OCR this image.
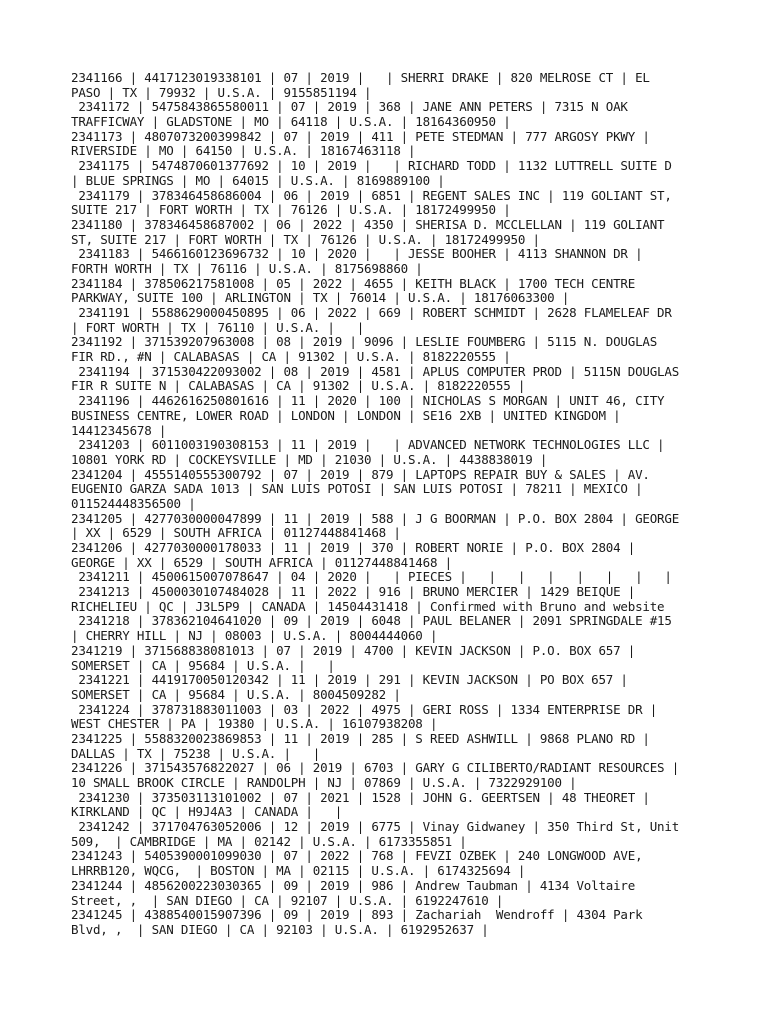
2341166 | 4417123019338101 | 07 | 2019 |   | SHERRI DRAKE | 820 MELROSE CT | EL
PASO | TX | 79932 | U.S.A. | 9155851194 |
2341172 | 5475843865580011 | 07 | 2019 | 368 | JANE ANN PETERS | 7315 N OAK
TRAFFICWAY | GLADSTONE | MO | 64118 | U.S.A. | 18164360950 |
2341173 | 4807073200399842 | 07 | 2019 | 411 | PETE STEDMAN | 777 ARGOSY PKWY |
RIVERSIDE | MO | 64150 | U.S.A. | 18167463118 |
2341175 | 5474870601377692 | 10 | 2019 |   | RICHARD TODD | 1132 LUTTRELL SUITE D
| BLUE SPRINGS | MO | 64015 | U.S.A. | 8169889100 |
2341179 | 378346458686004 | 06 | 2019 | 6851 | REGENT SALES INC | 119 GOLIANT ST,
SUITE 217 | FORT WORTH | TX | 76126 | U.S.A. | 18172499950 |
2341180 | 378346458687002 | 06 | 2022 | 4350 | SHERISA D. MCCLELLAN | 119 GOLIANT
ST, SUITE 217 | FORT WORTH | TX | 76126 | U.S.A. | 18172499950 |
2341183 | 5466160123696732 | 10 | 2020 |   | JESSE BOOHER | 4113 SHANNON DR |
FORTH WORTH | TX | 76116 | U.S.A. | 8175698860 |
2341184 | 378506217581008 | 05 | 2022 | 4655 | KEITH BLACK | 1700 TECH CENTRE
PARKWAY, SUITE 100 | ARLINGTON | TX | 76014 | U.S.A. | 18176063300 |
2341191 | 5588629000450895 | 06 | 2022 | 669 | ROBERT SCHMIDT | 2628 FLAMELEAF DR
| FORT WORTH | TX | 76110 | U.S.A. |   |
2341192 | 371539207963008 | 08 | 2019 | 9096 | LESLIE FOUMBERG | 5115 N. DOUGLAS
FIR RD., #N | CALABASAS | CA | 91302 | U.S.A. | 8182220555 |
2341194 | 371530422093002 | 08 | 2019 | 4581 | APLUS COMPUTER PROD | 5115N DOUGLAS
FIR R SUITE N | CALABASAS | CA | 91302 | U.S.A. | 8182220555 |
2341196 | 4462616250801616 | 11 | 2020 | 100 | NICHOLAS S MORGAN | UNIT 46, CITY
BUSINESS CENTRE, LOWER ROAD | LONDON | LONDON | SE16 2XB | UNITED KINGDOM |
14412345678 |
2341203 | 6011003190308153 | 11 | 2019 |   | ADVANCED NETWORK TECHNOLOGIES LLC |
10801 YORK RD | COCKEYSVILLE | MD | 21030 | U.S.A. | 4438838019 |
2341204 | 4555140555300792 | 07 | 2019 | 879 | LAPTOPS REPAIR BUY & SALES | AV.
EUGENIO GARZA SADA 1013 | SAN LUIS POTOSI | SAN LUIS POTOSI | 78211 | MEXICO |
011524448356500 |
2341205 | 4277030000047899 | 11 | 2019 | 588 | J G BOORMAN | P.O. BOX 2804 | GEORGE
| XX | 6529 | SOUTH AFRICA | 01127448841468 |
2341206 | 4277030000178033 | 11 | 2019 | 370 | ROBERT NORIE | P.O. BOX 2804 |
GEORGE | XX | 6529 | SOUTH AFRICA | 01127448841468 |
2341211 | 4500615007078647 | 04 | 2020 |   | PIECES |   |   |   |   |   |   |   |
2341213 | 4500030107484028 | 11 | 2022 | 916 | BRUNO MERCIER | 1429 BEIQUE |
RICHELIEU | QC | J3L5P9 | CANADA | 14504431418 | Confirmed with Bruno and website
2341218 | 378362104641020 | 09 | 2019 | 6048 | PAUL BELANER | 2091 SPRINGDALE #15
| CHERRY HILL | NJ | 08003 | U.S.A. | 8004444060 |
2341219 | 371568838081013 | 07 | 2019 | 4700 | KEVIN JACKSON | P.O. BOX 657 |
SOMERSET | CA | 95684 | U.S.A. |   |
2341221 | 4419170050120342 | 11 | 2019 | 291 | KEVIN JACKSON | PO BOX 657 |
SOMERSET | CA | 95684 | U.S.A. | 8004509282 |
2341224 | 378731883011003 | 03 | 2022 | 4975 | GERI ROSS | 1334 ENTERPRISE DR |
WEST CHESTER | PA | 19380 | U.S.A. | 16107938208 |
2341225 | 5588320023869853 | 11 | 2019 | 285 | S REED ASHWILL | 9868 PLANO RD |
DALLAS | TX | 75238 | U.S.A. |   |
2341226 | 371543576822027 | 06 | 2019 | 6703 | GARY G CILIBERTO/RADIANT RESOURCES |
10 SMALL BROOK CIRCLE | RANDOLPH | NJ | 07869 | U.S.A. | 7322929100 |
2341230 | 373503113101002 | 07 | 2021 | 1528 | JOHN G. GEERTSEN | 48 THEORET |
KIRKLAND | QC | H9J4A3 | CANADA |   |
2341242 | 371704763052006 | 12 | 2019 | 6775 | Vinay Gidwaney | 350 Third St, Unit
509,  | CAMBRIDGE | MA | 02142 | U.S.A. | 6173355851 |
2341243 | 5405390001099030 | 07 | 2022 | 768 | FEVZI OZBEK | 240 LONGWOOD AVE,
LHRRB120, WQCG,  | BOSTON | MA | 02115 | U.S.A. | 6174325694 |
2341244 | 4856200223030365 | 09 | 2019 | 986 | Andrew Taubman | 4134 Voltaire
Street, ,  | SAN DIEGO | CA | 92107 | U.S.A. | 6192247610 |
2341245 | 4388540015907396 | 09 | 2019 | 893 | Zachariah  Wendroff | 4304 Park
Blvd, ,  | SAN DIEGO | CA | 92103 | U.S.A. | 6192952637 |
